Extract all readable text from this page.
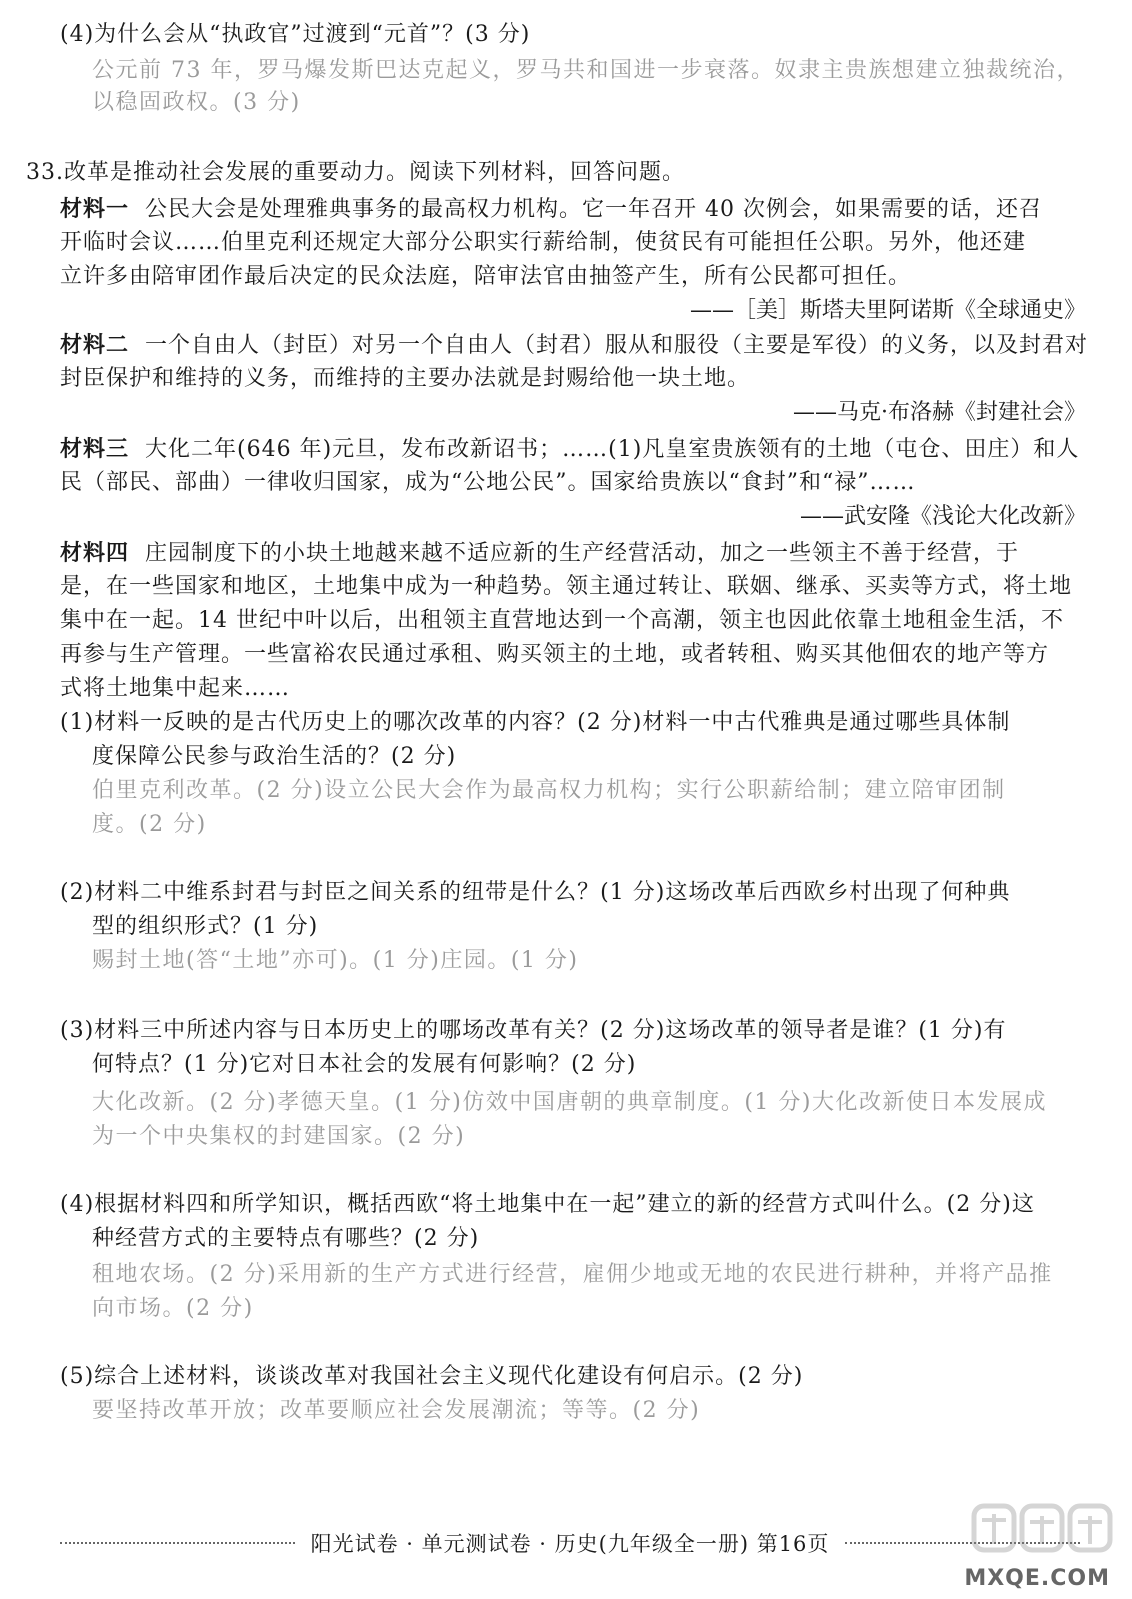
(4)为什么会从“执政官”过渡到“元首”？(3 分)
公元前 73 年，罗马爆发斯巴达克起义，罗马共和国进一步衰落。奴隶主贵族想建立独裁统治，
以稳固政权。(3 分)
33.改革是推动社会发展的重要动力。阅读下列材料，回答问题。
材料一 公民大会是处理雅典事务的最高权力机构。它一年召开 40 次例会，如果需要的话，还召
开临时会议……伯里克利还规定大部分公职实行薪给制，使贫民有可能担任公职。另外，他还建
立许多由陪审团作最后决定的民众法庭，陪审法官由抽签产生，所有公民都可担任。
——［美］斯塔夫里阿诺斯《全球通史》
材料二 一个自由人（封臣）对另一个自由人（封君）服从和服役（主要是军役）的义务，以及封君对
封臣保护和维持的义务，而维持的主要办法就是封赐给他一块土地。
——马克·布洛赫《封建社会》
材料三 大化二年(646 年)元旦，发布改新诏书；……(1)凡皇室贵族领有的土地（屯仓、田庄）和人
民（部民、部曲）一律收归国家，成为“公地公民”。国家给贵族以“食封”和“禄”……
——武安隆《浅论大化改新》
材料四 庄园制度下的小块土地越来越不适应新的生产经营活动，加之一些领主不善于经营，于
是，在一些国家和地区，土地集中成为一种趋势。领主通过转让、联姻、继承、买卖等方式，将土地
集中在一起。14 世纪中叶以后，出租领主直营地达到一个高潮，领主也因此依靠土地租金生活，不
再参与生产管理。一些富裕农民通过承租、购买领主的土地，或者转租、购买其他佃农的地产等方
式将土地集中起来……
(1)材料一反映的是古代历史上的哪次改革的内容？(2 分)材料一中古代雅典是通过哪些具体制
度保障公民参与政治生活的？(2 分)
伯里克利改革。(2 分)设立公民大会作为最高权力机构；实行公职薪给制；建立陪审团制
度。(2 分)
(2)材料二中维系封君与封臣之间关系的纽带是什么？(1 分)这场改革后西欧乡村出现了何种典
型的组织形式？(1 分)
赐封土地(答“土地”亦可)。(1 分)庄园。(1 分)
(3)材料三中所述内容与日本历史上的哪场改革有关？(2 分)这场改革的领导者是谁？(1 分)有
何特点？(1 分)它对日本社会的发展有何影响？(2 分)
大化改新。(2 分)孝德天皇。(1 分)仿效中国唐朝的典章制度。(1 分)大化改新使日本发展成
为一个中央集权的封建国家。(2 分)
(4)根据材料四和所学知识，概括西欧“将土地集中在一起”建立的新的经营方式叫什么。(2 分)这
种经营方式的主要特点有哪些？(2 分)
租地农场。(2 分)采用新的生产方式进行经营，雇佣少地或无地的农民进行耕种，并将产品推
向市场。(2 分)
(5)综合上述材料，谈谈改革对我国社会主义现代化建设有何启示。(2 分)
要坚持改革开放；改革要顺应社会发展潮流；等等。(2 分)
阳光试卷 · 单元测试卷 · 历史(九年级全一册) 第16页
MXQE.COM
